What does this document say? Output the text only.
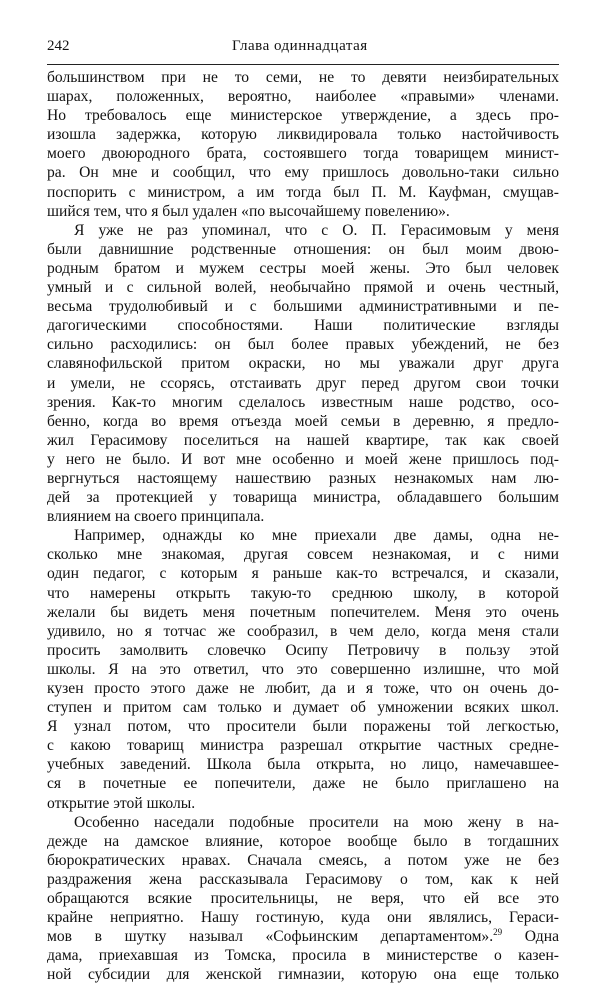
242	Глава одиннадцатая
большинством при не то семи, не то девяти неизбирательных
шарах, положенных, вероятно, наиболее «правыми» членами.
Но требовалось еще министерское утверждение, а здесь про-
изошла задержка, которую ликвидировала только настойчивость
моего двоюродного брата, состоявшего тогда товарищем минист-
ра. Он мне и сообщил, что ему пришлось довольно-таки сильно
поспорить с министром, а им тогда был П. М. Кауфман, смущав-
шийся тем, что я был удален «по высочайшему повелению».
Я уже не раз упоминал, что с О. П. Герасимовым у меня
были давнишние родственные отношения: он был моим двою-
родным братом и мужем сестры моей жены. Это был человек
умный и с сильной волей, необычайно прямой и очень честный,
весьма трудолюбивый и с большими административными и пе-
дагогическими способностями. Наши политические взгляды
сильно расходились: он был более правых убеждений, не без
славянофильской притом окраски, но мы уважали друг друга
и умели, не ссорясь, отстаивать друг перед другом свои точки
зрения. Как-то многим сделалось известным наше родство, осо-
бенно, когда во время отъезда моей семьи в деревню, я предло-
жил Герасимову поселиться на нашей квартире, так как своей
у него не было. И вот мне особенно и моей жене пришлось под-
вергнуться настоящему нашествию разных незнакомых нам лю-
дей за протекцией у товарища министра, обладавшего большим
влиянием на своего принципала.
Например, однажды ко мне приехали две дамы, одна не-
сколько мне знакомая, другая совсем незнакомая, и с ними
один педагог, с которым я раньше как-то встречался, и сказали,
что намерены открыть такую-то среднюю школу, в которой
желали бы видеть меня почетным попечителем. Меня это очень
удивило, но я тотчас же сообразил, в чем дело, когда меня стали
просить замолвить словечко Осипу Петровичу в пользу этой
школы. Я на это ответил, что это совершенно излишне, что мой
кузен просто этого даже не любит, да и я тоже, что он очень до-
ступен и притом сам только и думает об умножении всяких школ.
Я узнал потом, что просители были поражены той легкостью,
с какою товарищ министра разрешал открытие частных средне-
учебных заведений. Школа была открыта, но лицо, намечавшее-
ся в почетные ее попечители, даже не было приглашено на
открытие этой школы.
Особенно наседали подобные просители на мою жену в на-
дежде на дамское влияние, которое вообще было в тогдашних
бюрократических нравах. Сначала смеясь, а потом уже не без
раздражения жена рассказывала Герасимову о том, как к ней
обращаются всякие просительницы, не веря, что ей все это
крайне неприятно. Нашу гостиную, куда они являлись, Гераси-
мов в шутку называл «Софьинским департаментом».$^{29}$ Одна
дама, приехавшая из Томска, просила в министерстве о казен-
ной субсидии для женской гимназии, которую она еще только
